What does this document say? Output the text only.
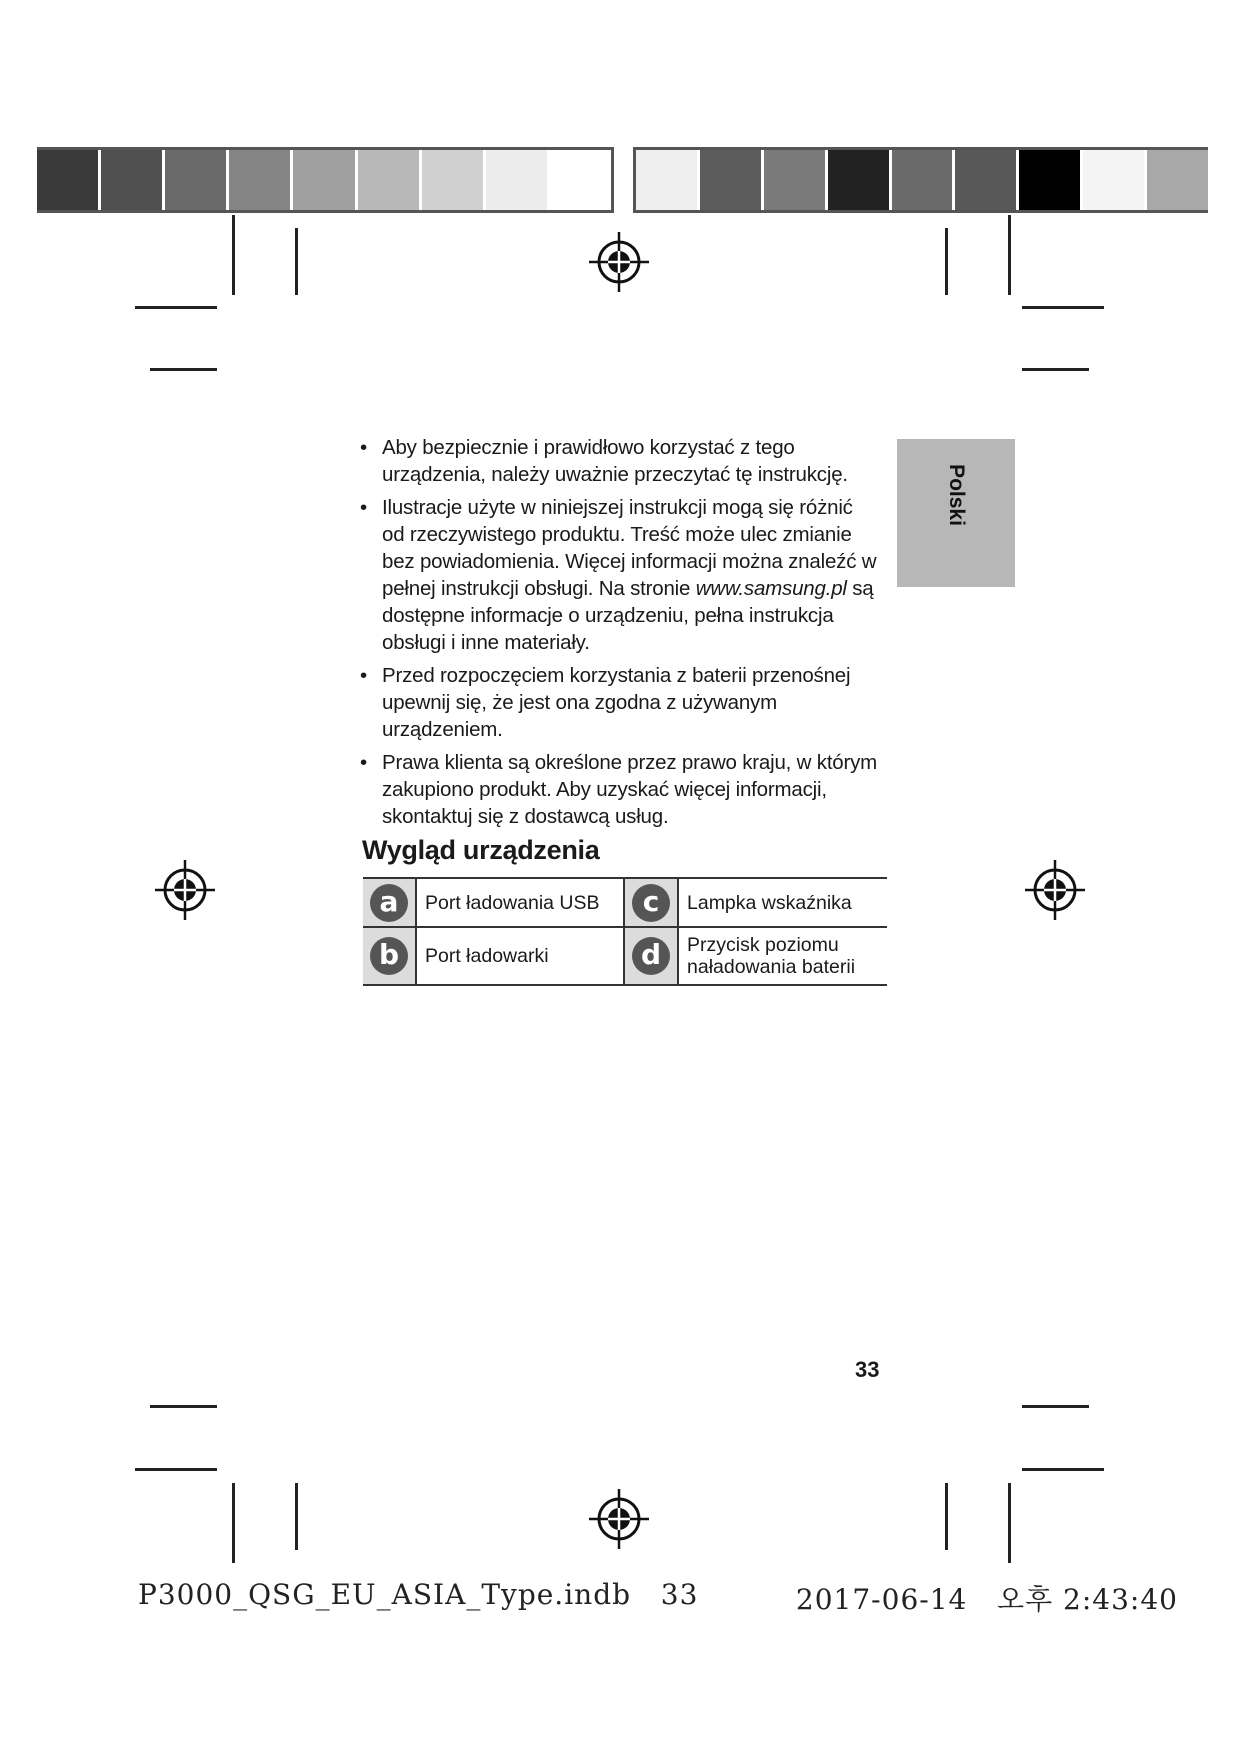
Polski
• Aby bezpiecznie i prawidłowo korzystać z tego urządzenia, należy uważnie przeczytać tę instrukcję.
• Ilustracje użyte w niniejszej instrukcji mogą się różnić od rzeczywistego produktu. Treść może ulec zmianie bez powiadomienia. Więcej informacji można znaleźć w pełnej instrukcji obsługi. Na stronie www.samsung.pl są dostępne informacje o urządzeniu, pełna instrukcja obsługi i inne materiały.
• Przed rozpoczęciem korzystania z baterii przenośnej upewnij się, że jest ona zgodna z używanym urządzeniem.
• Prawa klienta są określone przez prawo kraju, w którym zakupiono produkt. Aby uzyskać więcej informacji, skontaktuj się z dostawcą usług.
Wygląd urządzenia
a	Port ładowania USB	c	Lampka wskaźnika
b	Port ładowarki	d	Przycisk poziomu naładowania baterii
33
P3000_QSG_EU_ASIA_Type.indb   33	2017-06-14   오후 2:43:40
